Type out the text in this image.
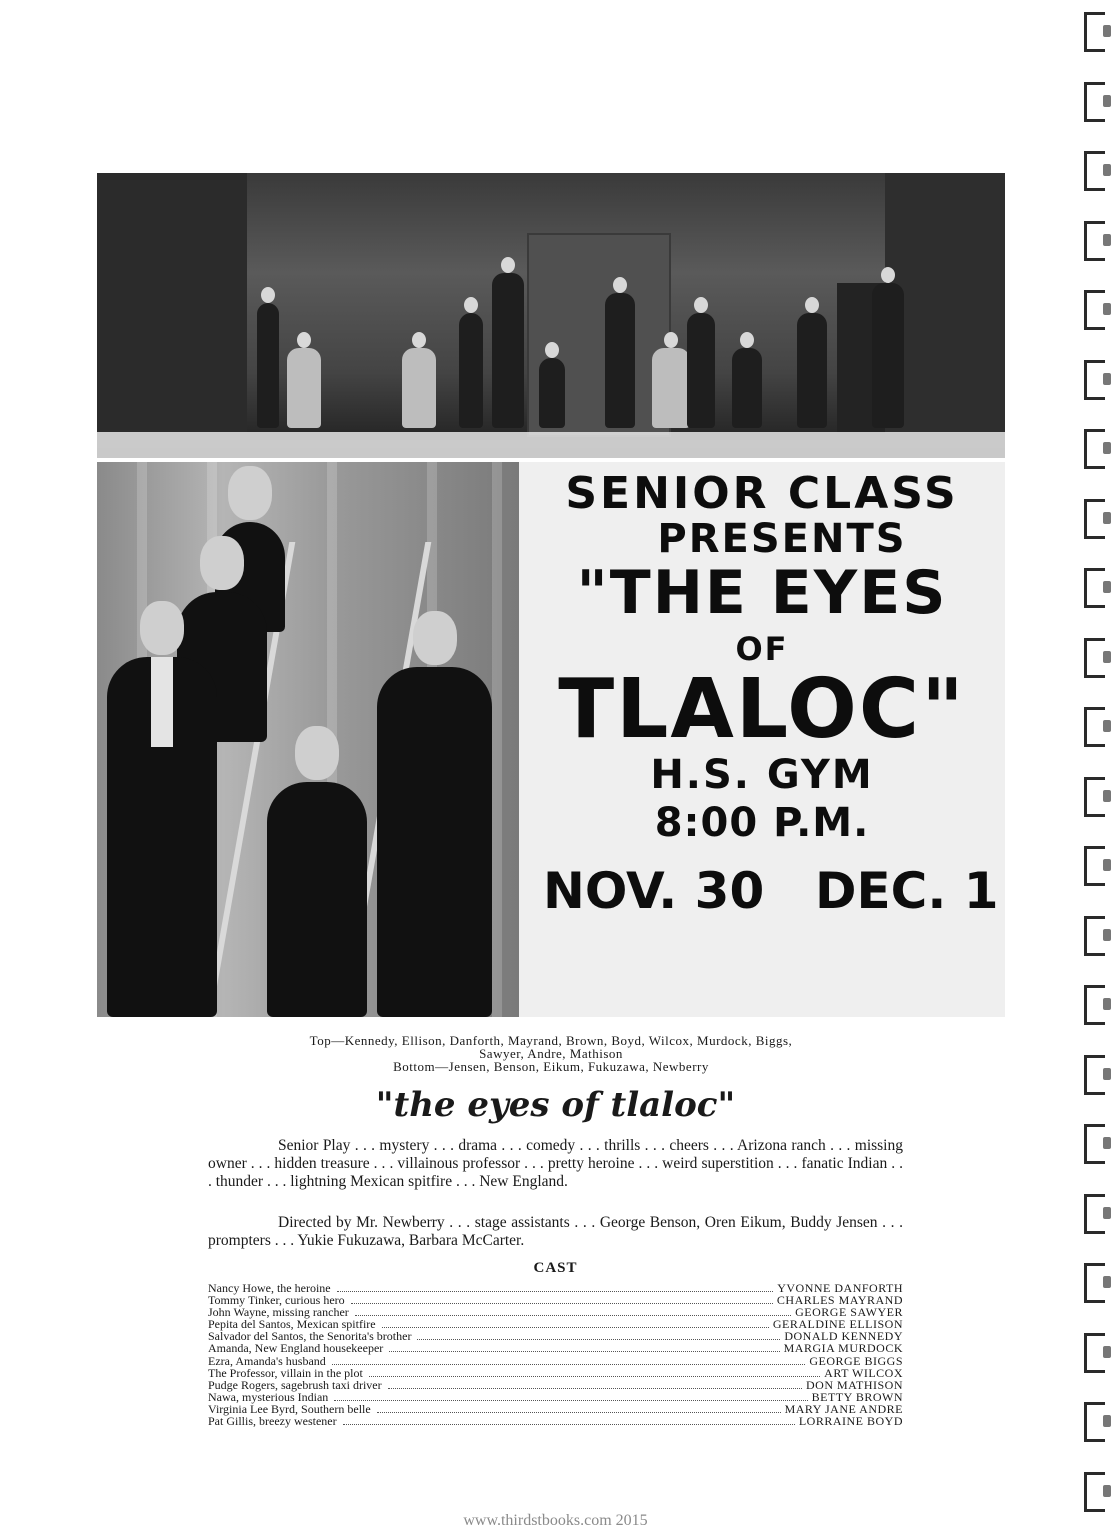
SENIOR CLASS

PRESENTS

"THE EYES

OF

TLALOC"

H.S. GYM

8:00 P.M.

NOV. 30 DEC. 1

Top—Kennedy, Ellison, Danforth, Mayrand, Brown, Boyd, Wilcox, Murdock, Biggs,

Sawyer, Andre, Mathison

Bottom—Jensen, Benson, Eikum, Fukuzawa, Newberry

"the eyes of tlaloc"

Senior Play . . . mystery . . . drama . . . comedy . . . thrills . . . cheers . . . Arizona ranch . . . missing owner . . . hidden treasure . . . villainous professor . . . pretty heroine . . . weird superstition . . . fanatic Indian . . . thunder . . . lightning Mexican spitfire . . . New England.

Directed by Mr. Newberry . . . stage assistants . . . George Benson, Oren Eikum, Buddy Jensen . . . prompters . . . Yukie Fukuzawa, Barbara McCarter.

CAST
Nancy Howe, the heroine	YVONNE DANFORTH
Tommy Tinker, curious hero	CHARLES MAYRAND
John Wayne, missing rancher	GEORGE SAWYER
Pepita del Santos, Mexican spitfire	GERALDINE ELLISON
Salvador del Santos, the Senorita's brother	DONALD KENNEDY
Amanda, New England housekeeper	MARGIA MURDOCK
Ezra, Amanda's husband	GEORGE BIGGS
The Professor, villain in the plot	ART WILCOX
Pudge Rogers, sagebrush taxi driver	DON MATHISON
Nawa, mysterious Indian	BETTY BROWN
Virginia Lee Byrd, Southern belle	MARY JANE ANDRE
Pat Gillis, breezy westener	LORRAINE BOYD

www.thirdstbooks.com 2015
